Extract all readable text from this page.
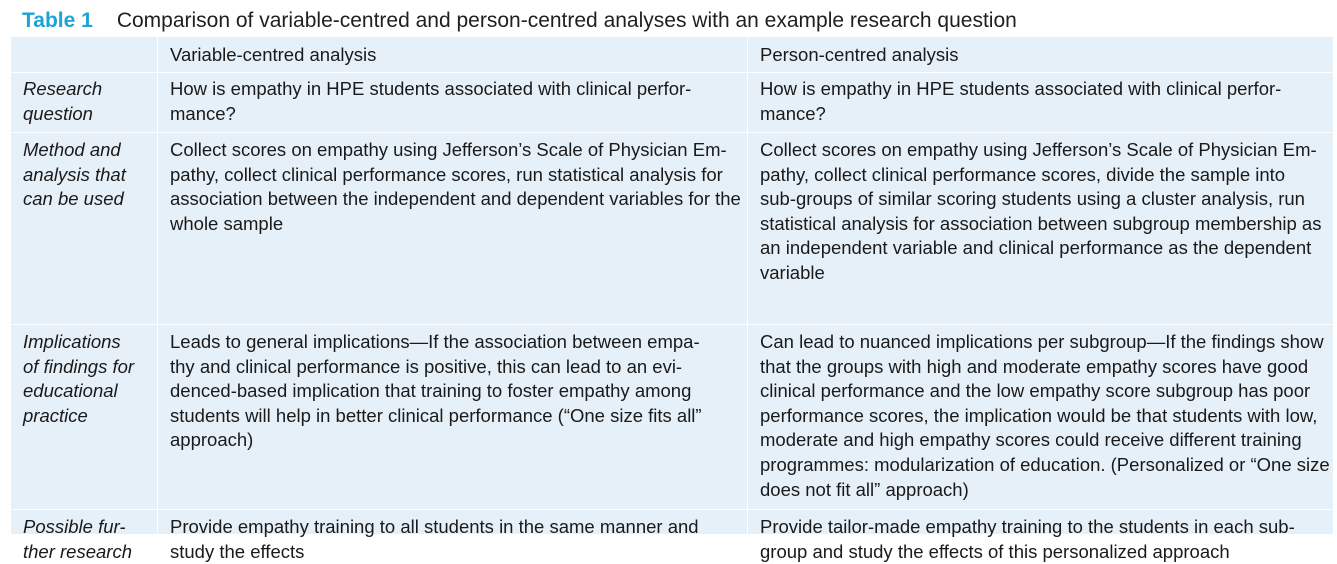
Table 1 Comparison of variable-centred and person-centred analyses with an example research question
Variable-centred analysis	Person-centred analysis
Research
question
How is empathy in HPE students associated with clinical perfor-
mance?
How is empathy in HPE students associated with clinical perfor-
mance?
Method and
analysis that
can be used
Collect scores on empathy using Jefferson’s Scale of Physician Em-
pathy, collect clinical performance scores, run statistical analysis for
association between the independent and dependent variables for the
whole sample
Collect scores on empathy using Jefferson’s Scale of Physician Em-
pathy, collect clinical performance scores, divide the sample into
sub-groups of similar scoring students using a cluster analysis, run
statistical analysis for association between subgroup membership as
an independent variable and clinical performance as the dependent
variable
Implications
of findings for
educational
practice
Leads to general implications—If the association between empa-
thy and clinical performance is positive, this can lead to an evi-
denced-based implication that training to foster empathy among
students will help in better clinical performance (“One size fits all”
approach)
Can lead to nuanced implications per subgroup—If the findings show
that the groups with high and moderate empathy scores have good
clinical performance and the low empathy score subgroup has poor
performance scores, the implication would be that students with low,
moderate and high empathy scores could receive different training
programmes: modularization of education. (Personalized or “One size
does not fit all” approach)
Possible fur-
ther research
Provide empathy training to all students in the same manner and
study the effects
Provide tailor-made empathy training to the students in each sub-
group and study the effects of this personalized approach
